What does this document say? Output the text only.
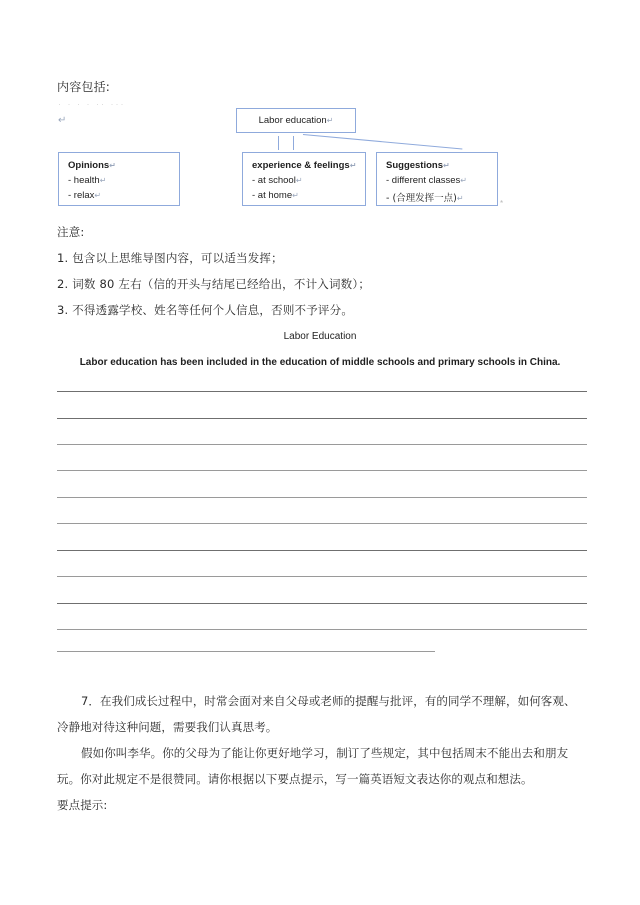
内容包括:
· · · · ·· ···
↵	Labor education↵
Opinions↵
- health↵
- relax↵
experience & feelings↵
- at school↵
- at home↵
Suggestions↵
- different classes↵
- (合理发挥一点)↵
*
注意:
1. 包含以上思维导图内容，可以适当发挥；
2. 词数 80 左右（信的开头与结尾已经给出，不计入词数）；
3. 不得透露学校、姓名等任何个人信息，否则不予评分。
Labor Education
Labor education has been included in the education of middle schools and primary schools in China.
7．在我们成长过程中，时常会面对来自父母或老师的提醒与批评，有的同学不理解，如何客观、冷静地对待这种问题，需要我们认真思考。
假如你叫李华。你的父母为了能让你更好地学习，制订了些规定，其中包括周末不能出去和朋友玩。你对此规定不是很赞同。请你根据以下要点提示，写一篇英语短文表达你的观点和想法。
要点提示:
